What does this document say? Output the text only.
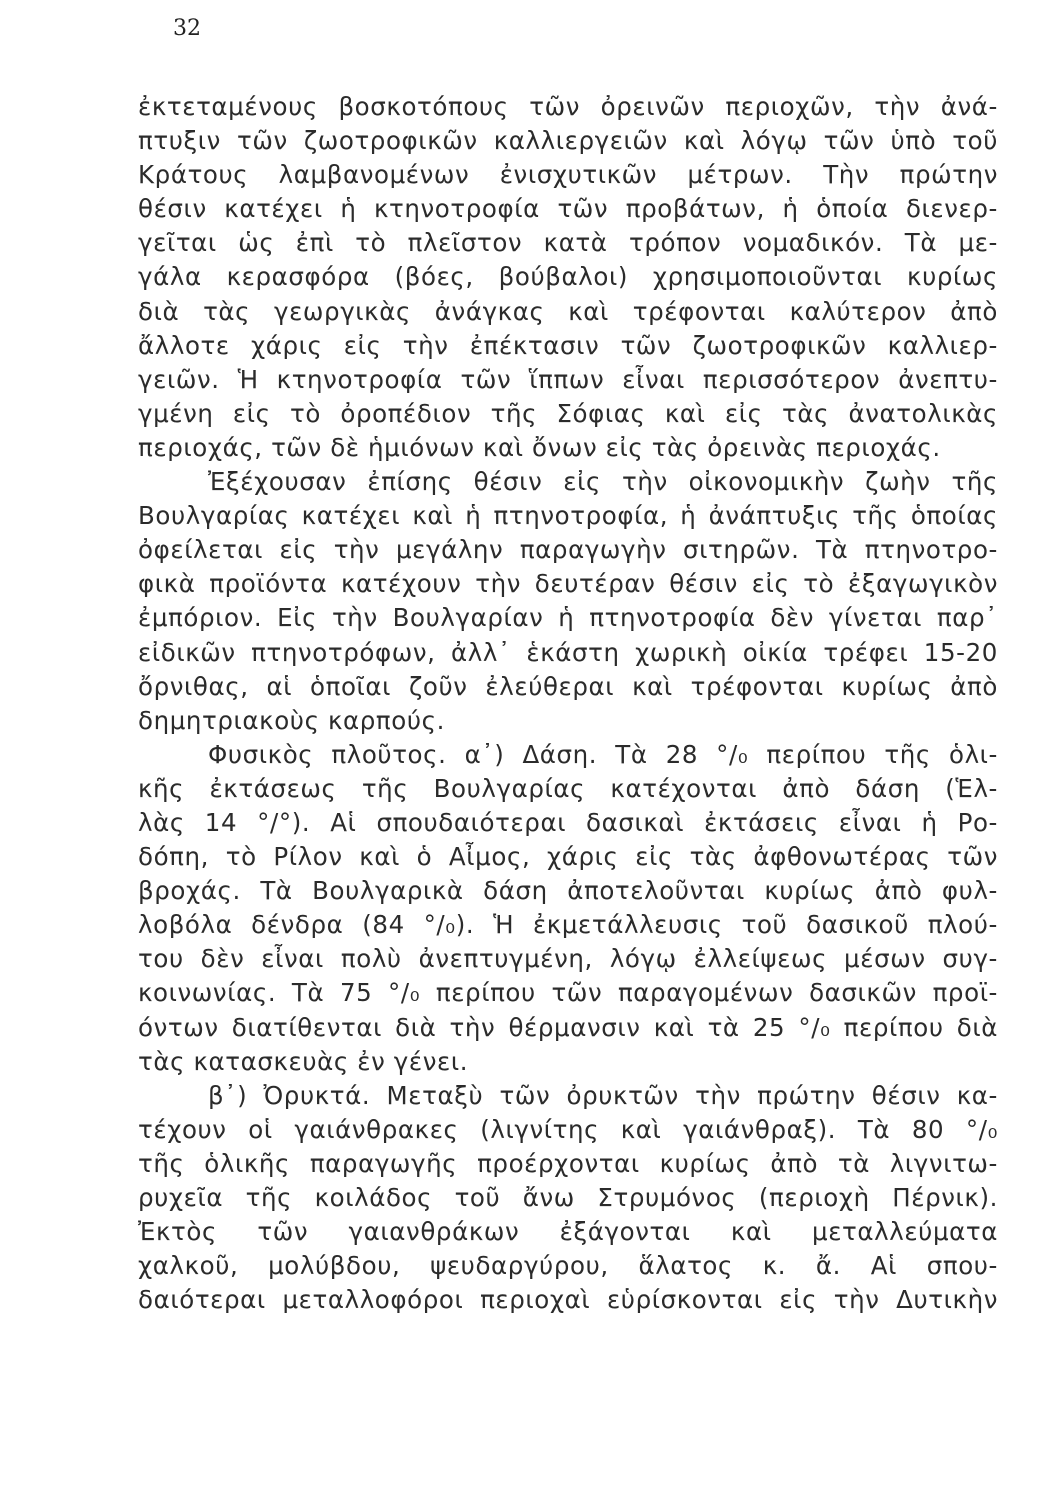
32
ἐκτεταμένους βοσκοτόπους τῶν ὀρεινῶν περιοχῶν, τὴν ἀνά-
πτυξιν τῶν ζωοτροφικῶν καλλιεργειῶν καὶ λόγῳ τῶν ὑπὸ τοῦ
Κράτους λαμβανομένων ἐνισχυτικῶν μέτρων. Τὴν πρώτην
θέσιν κατέχει ἡ κτηνοτροφία τῶν προβάτων, ἡ ὁποία διενερ-
γεῖται ὡς ἐπὶ τὸ πλεῖστον κατὰ τρόπον νομαδικόν. Τὰ με-
γάλα κερασφόρα (βόες, βούβαλοι) χρησιμοποιοῦνται κυρίως
διὰ τὰς γεωργικὰς ἀνάγκας καὶ τρέφονται καλύτερον ἀπὸ
ἄλλοτε χάρις εἰς τὴν ἐπέκτασιν τῶν ζωοτροφικῶν καλλιερ-
γειῶν. Ἡ κτηνοτροφία τῶν ἵππων εἶναι περισσότερον ἀνεπτυ-
γμένη εἰς τὸ ὀροπέδιον τῆς Σόφιας καὶ εἰς τὰς ἀνατολικὰς
περιοχάς, τῶν δὲ ἡμιόνων καὶ ὄνων εἰς τὰς ὀρεινὰς περιοχάς.
Ἐξέχουσαν ἐπίσης θέσιν εἰς τὴν οἰκονομικὴν ζωὴν τῆς
Βουλγαρίας κατέχει καὶ ἡ πτηνοτροφία, ἡ ἀνάπτυξις τῆς ὁποίας
ὀφείλεται εἰς τὴν μεγάλην παραγωγὴν σιτηρῶν. Τὰ πτηνοτρο-
φικὰ προϊόντα κατέχουν τὴν δευτέραν θέσιν εἰς τὸ ἐξαγωγικὸν
ἐμπόριον. Εἰς τὴν Βουλγαρίαν ἡ πτηνοτροφία δὲν γίνεται παρ᾽
εἰδικῶν πτηνοτρόφων, ἀλλ᾽ ἑκάστη χωρικὴ οἰκία τρέφει 15-20
ὄρνιθας, αἱ ὁποῖαι ζοῦν ἐλεύθεραι καὶ τρέφονται κυρίως ἀπὸ
δημητριακοὺς καρπούς.
Φυσικὸς πλοῦτος. α᾽) Δάση. Τὰ 28 °/₀ περίπου τῆς ὁλι-
κῆς ἐκτάσεως τῆς Βουλγαρίας κατέχονται ἀπὸ δάση (Ἑλ-
λὰς 14 °/°). Αἱ σπουδαιότεραι δασικαὶ ἐκτάσεις εἶναι ἡ Ρο-
δόπη, τὸ Ρίλον καὶ ὁ Αἶμος, χάρις εἰς τὰς ἀφθονωτέρας τῶν
βροχάς. Τὰ Βουλγαρικὰ δάση ἀποτελοῦνται κυρίως ἀπὸ φυλ-
λοβόλα δένδρα (84 °/₀). Ἡ ἐκμετάλλευσις τοῦ δασικοῦ πλού-
του δὲν εἶναι πολὺ ἀνεπτυγμένη, λόγῳ ἐλλείψεως μέσων συγ-
κοινωνίας. Τὰ 75 °/₀ περίπου τῶν παραγομένων δασικῶν προϊ-
όντων διατίθενται διὰ τὴν θέρμανσιν καὶ τὰ 25 °/₀ περίπου διὰ
τὰς κατασκευὰς ἐν γένει.
β᾽) Ὀρυκτά. Μεταξὺ τῶν ὀρυκτῶν τὴν πρώτην θέσιν κα-
τέχουν οἱ γαιάνθρακες (λιγνίτης καὶ γαιάνθραξ). Τὰ 80 °/₀
τῆς ὁλικῆς παραγωγῆς προέρχονται κυρίως ἀπὸ τὰ λιγνιτω-
ρυχεῖα τῆς κοιλάδος τοῦ ἄνω Στρυμόνος (περιοχὴ Πέρνικ).
Ἐκτὸς τῶν γαιανθράκων ἐξάγονται καὶ μεταλλεύματα
χαλκοῦ, μολύβδου, ψευδαργύρου, ἅλατος κ. ἄ. Αἱ σπου-
δαιότεραι μεταλλοφόροι περιοχαὶ εὑρίσκονται εἰς τὴν Δυτικὴν
